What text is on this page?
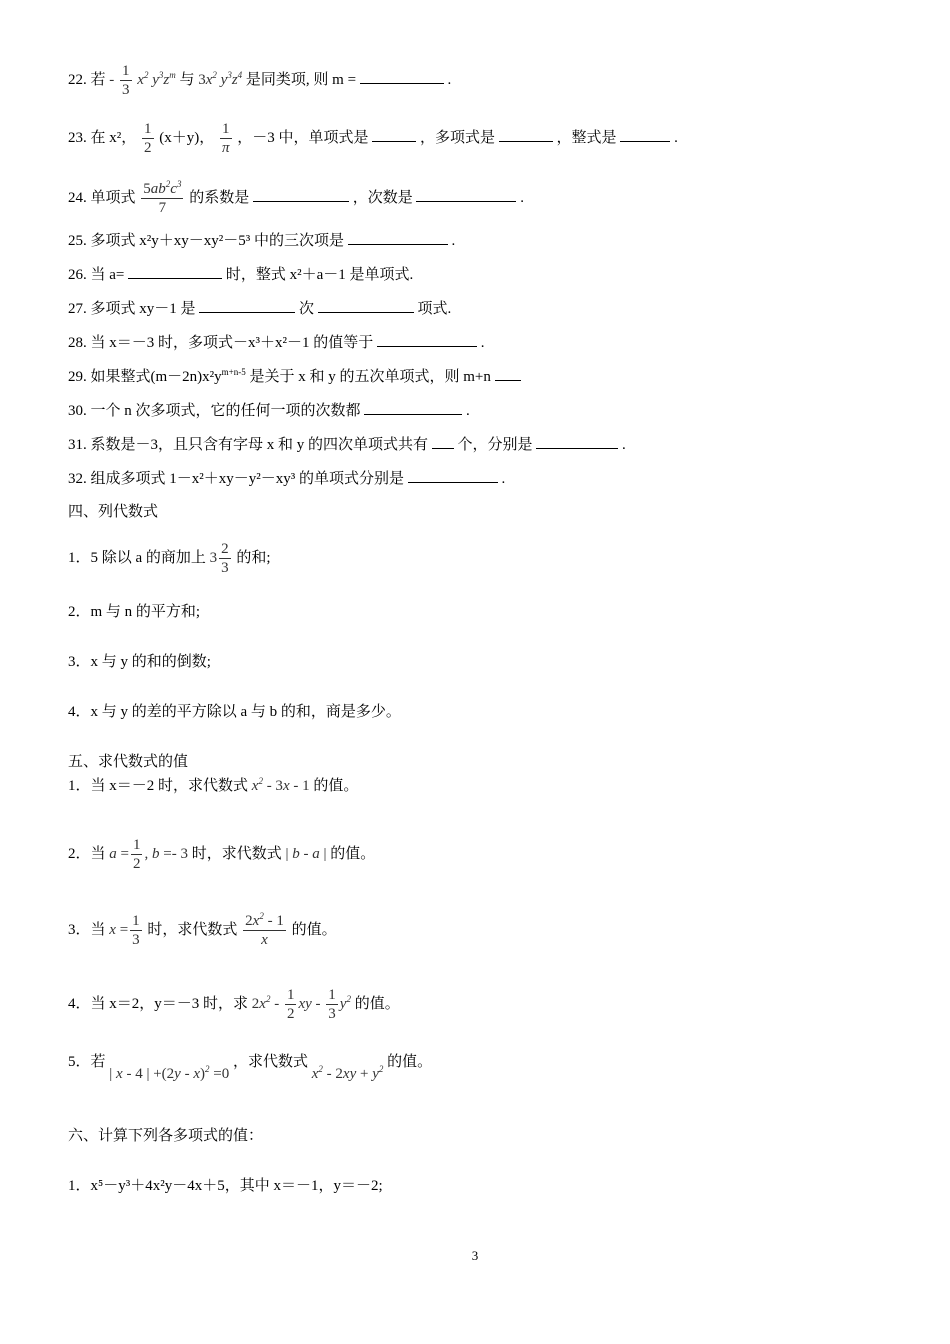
22. 若 - $\frac{1}{3} x^2$ $y^3z^m$ 与 $3x^2$ $y^3z^4$ 是同类项, 则 m =	.
23. 在 x²， $\frac{1}{2} (x+y)$， $\frac{1}{\pi}$ ，－3 中，单项式是	，多项式是	，整式是	.
24. 单项式 $\frac{5ab^2c^3}{7}$ 的系数是	，次数是	.
25. 多项式 x²y＋xy－xy²－5³ 中的三次项是	.
26. 当 a=	时，整式 x²＋a－1 是单项式.
27. 多项式 xy－1 是	次	项式.
28. 当 x＝－3 时，多项式－x³＋x²－1 的值等于	.
29. 如果整式$(m-2n)x^2y^{m+n-5}$ 是关于 x 和 y 的五次单项式，则 m+n
30. 一个 n 次多项式，它的任何一项的次数都	.
31. 系数是－3，且只含有字母 x 和 y 的四次单项式共有 个，分别是	.
32. 组成多项式 1－x²＋xy－y²－xy³ 的单项式分别是	.
四、列代数式
1．5 除以 a 的商加上 $3 \frac{2}{3}$ 的和;
2．m 与 n 的平方和;
3．x 与 y 的和的倒数;
4．x 与 y 的差的平方除以 a 与 b 的和，商是多少。
五、求代数式的值
1．当 x＝－2 时，求代数式 $x^2 - 3x - 1$ 的值。
2．当 $a = \frac{1}{2}$ , b =- 3 时，求代数式 | b - a | 的值。
3．当 $x = \frac{1}{3}$ 时，求代数式 $\frac{2x^2 - 1}{x}$ 的值。
4．当 x＝2，y＝－3 时，求 $2x^2 - \frac{1}{2}$ xy - $\frac{1}{3} y^2$ 的值。
5．若 | x - 4 | +(2y - x)$^2$ =0 ，求代数式 $x^2 - 2xy + y^2$ 的值。
六、计算下列各多项式的值：
1．x⁵－y³＋4x²y－4x＋5，其中 x＝－1，y＝－2;
3
